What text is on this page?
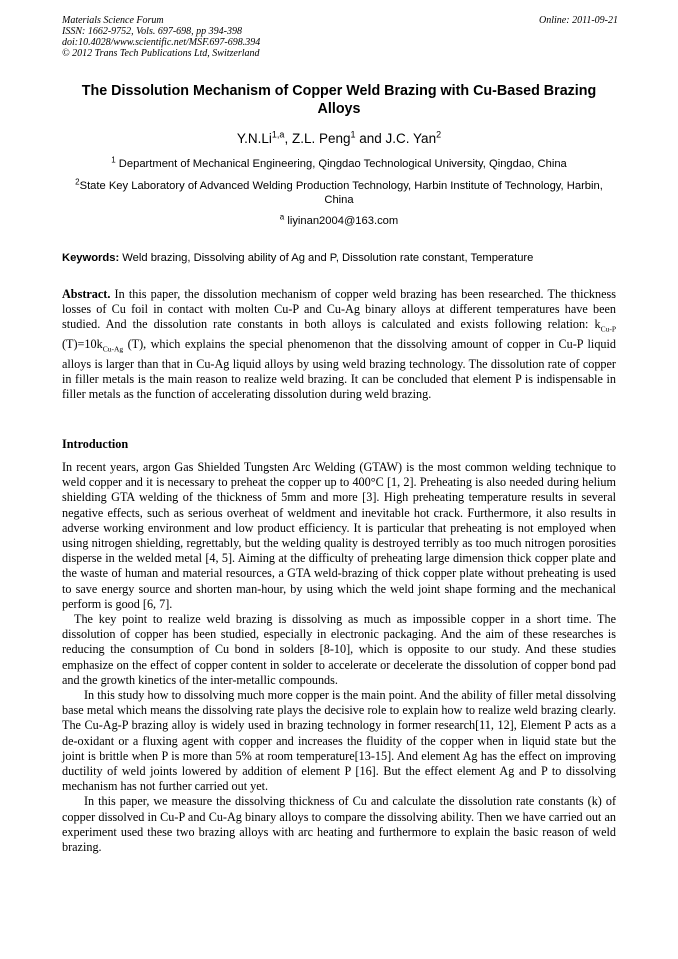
Materials Science Forum
ISSN: 1662-9752, Vols. 697-698, pp 394-398
doi:10.4028/www.scientific.net/MSF.697-698.394
© 2012 Trans Tech Publications Ltd, Switzerland
Online: 2011-09-21
The Dissolution Mechanism of Copper Weld Brazing with Cu-Based Brazing Alloys
Y.N.Li$^{1,a}$, Z.L. Peng$^1$ and J.C. Yan$^2$
$^1$ Department of Mechanical Engineering, Qingdao Technological University, Qingdao, China
$^2$State Key Laboratory of Advanced Welding Production Technology, Harbin Institute of Technology, Harbin, China
$^a$ liyinan2004@163.com
Keywords: Weld brazing, Dissolving ability of Ag and P, Dissolution rate constant, Temperature
Abstract. In this paper, the dissolution mechanism of copper weld brazing has been researched. The thickness losses of Cu foil in contact with molten Cu-P and Cu-Ag binary alloys at different temperatures have been studied. And the dissolution rate constants in both alloys is calculated and exists following relation: $k_{Cu-P}$ $(T)=10k_{Cu-Ag}$ (T), which explains the special phenomenon that the dissolving amount of copper in Cu-P liquid alloys is larger than that in Cu-Ag liquid alloys by using weld brazing technology. The dissolution rate of copper in filler metals is the main reason to realize weld brazing. It can be concluded that element P is indispensable in filler metals as the function of accelerating dissolution during weld brazing.
Introduction

In recent years, argon Gas Shielded Tungsten Arc Welding (GTAW) is the most common welding technique to weld copper and it is necessary to preheat the copper up to 400°C [1, 2]. Preheating is also needed during helium shielding GTA welding of the thickness of 5mm and more [3]. High preheating temperature results in several negative effects, such as serious overheat of weldment and inevitable hot crack. Furthermore, it also results in adverse working environment and low product efficiency. It is particular that preheating is not employed when using nitrogen shielding, regrettably, but the welding quality is destroyed terribly as too much nitrogen porosities disperse in the welded metal [4, 5]. Aiming at the difficulty of preheating large dimension thick copper plate and the waste of human and material resources, a GTA weld-brazing of thick copper plate without preheating is used to save energy source and shorten man-hour, by using which the weld joint shape forming and the mechanical perform is good [6, 7].

The key point to realize weld brazing is dissolving as much as impossible copper in a short time. The dissolution of copper has been studied, especially in electronic packaging. And the aim of these researches is reducing the consumption of Cu bond in solders [8-10], which is opposite to our study. And these studies emphasize on the effect of copper content in solder to accelerate or decelerate the dissolution of copper bond pad and the growth kinetics of the inter-metallic compounds.

In this study how to dissolving much more copper is the main point. And the ability of filler metal dissolving base metal which means the dissolving rate plays the decisive role to explain how to realize weld brazing clearly. The Cu-Ag-P brazing alloy is widely used in brazing technology in former research[11, 12], Element P acts as a de-oxidant or a fluxing agent with copper and increases the fluidity of the copper when in liquid state but the joint is brittle when P is more than 5% at room temperature[13-15]. And element Ag has the effect on improving ductility of weld joints lowered by addition of element P [16]. But the effect element Ag and P to dissolving mechanism has not further carried out yet.

In this paper, we measure the dissolving thickness of Cu and calculate the dissolution rate constants (k) of copper dissolved in Cu-P and Cu-Ag binary alloys to compare the dissolving ability. Then we have carried out an experiment used these two brazing alloys with arc heating and furthermore to explain the basic reason of weld brazing.
